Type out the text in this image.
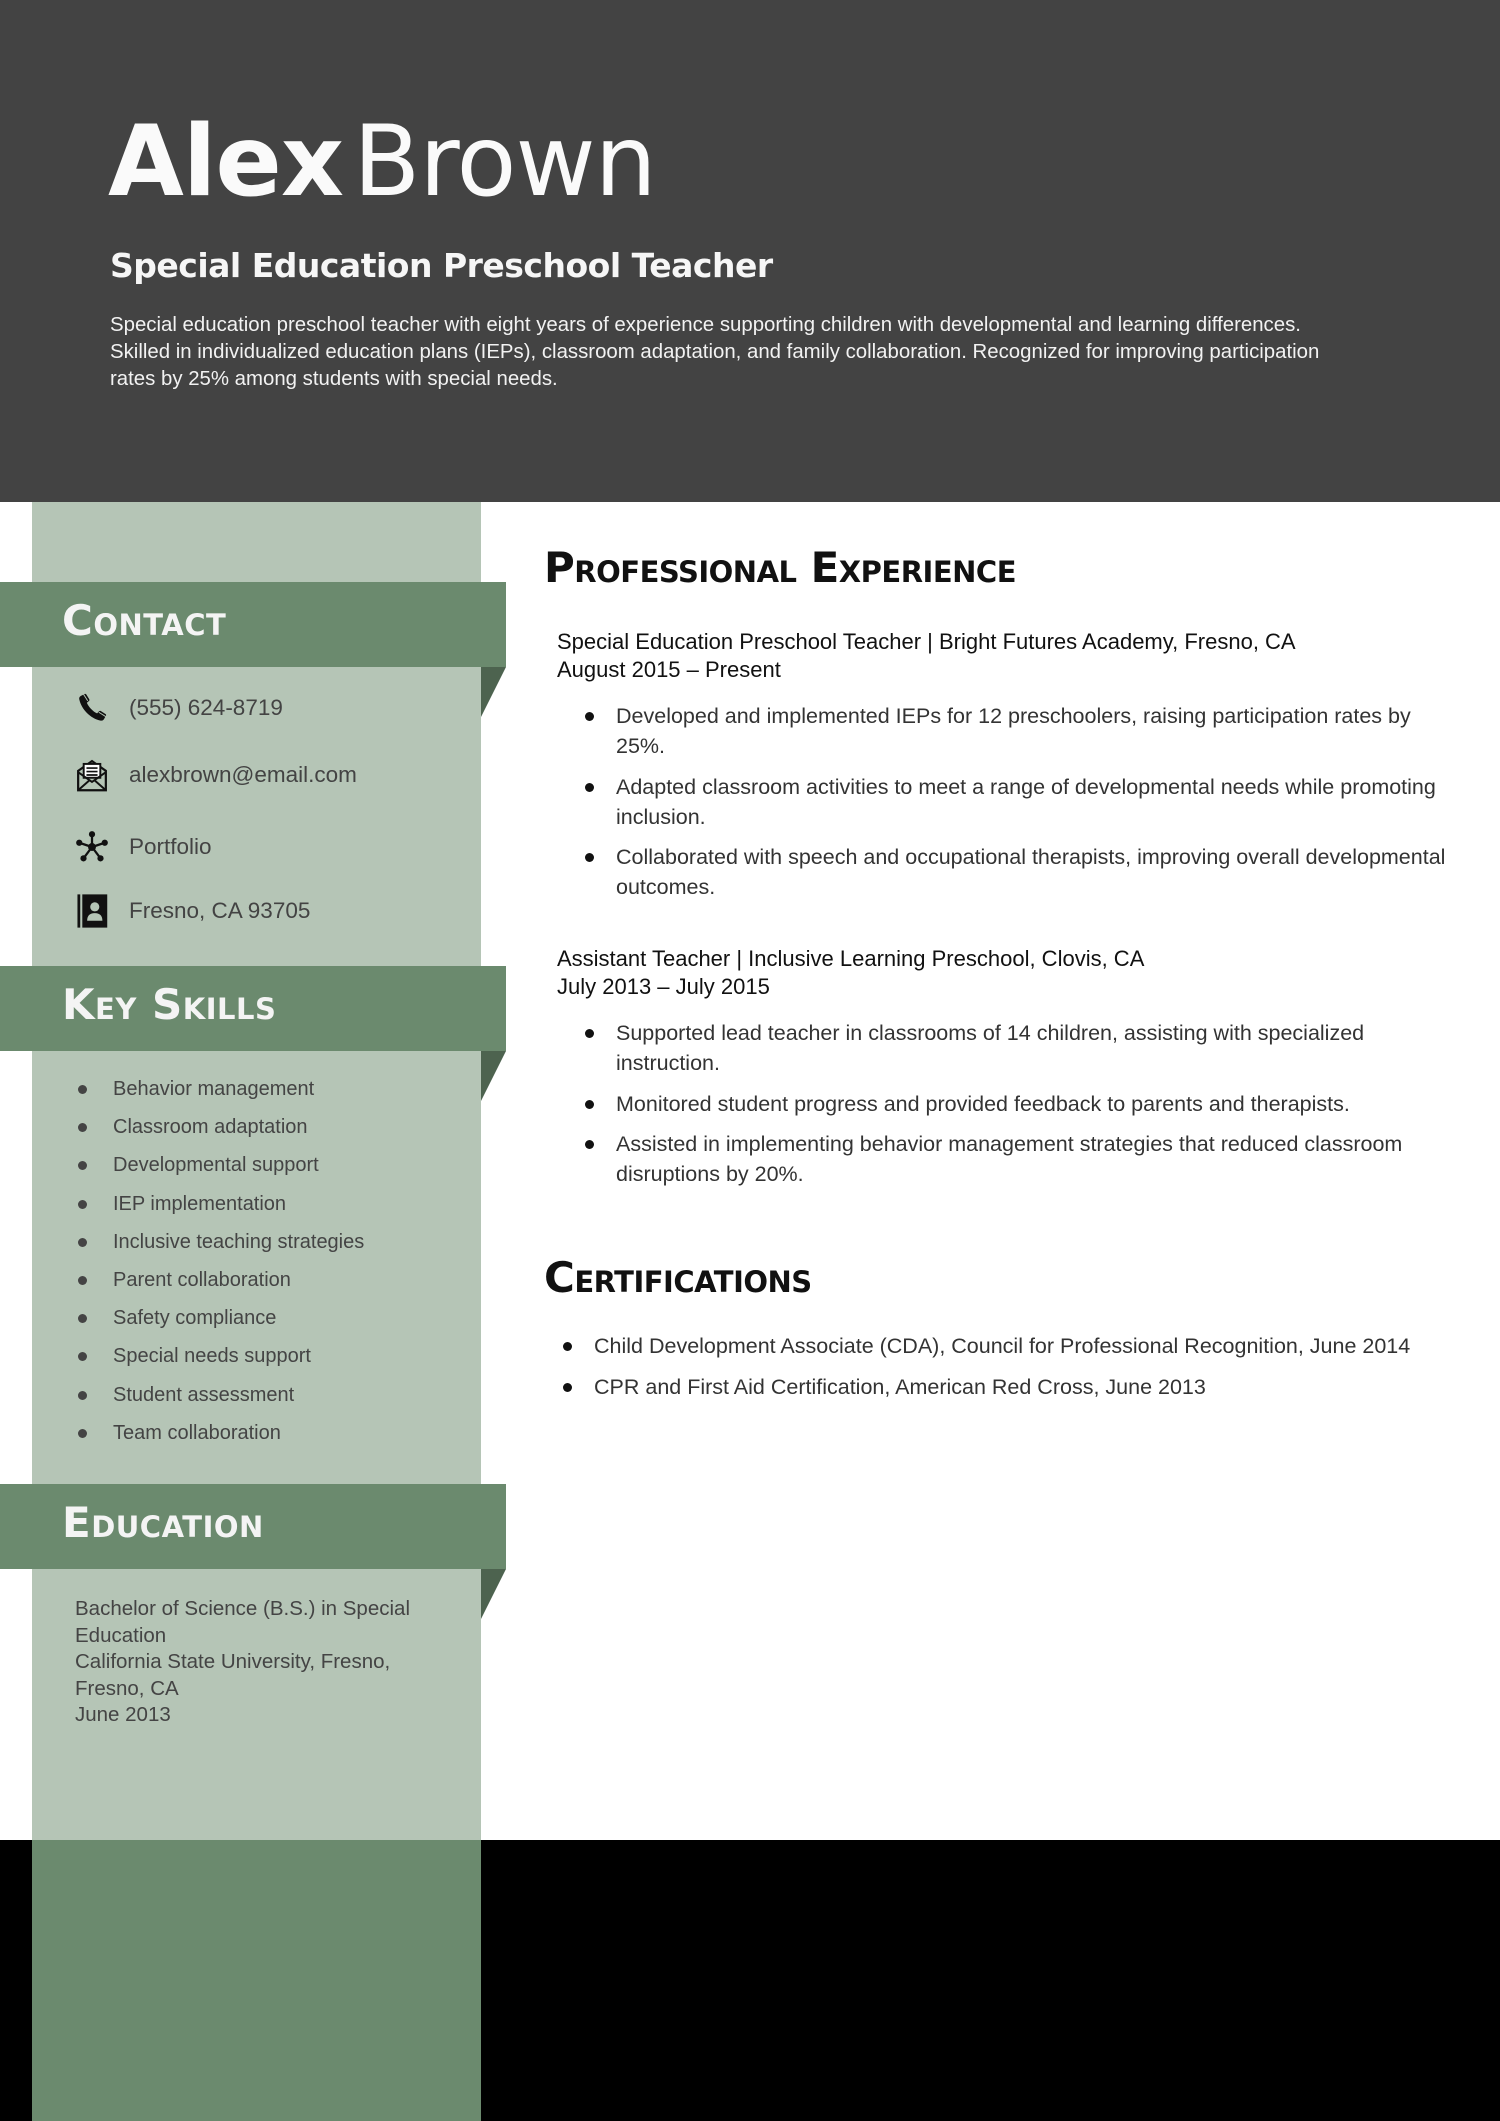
Alex Brown
Special Education Preschool Teacher
Special education preschool teacher with eight years of experience supporting children with developmental and learning differences. Skilled in individualized education plans (IEPs), classroom adaptation, and family collaboration. Recognized for improving participation rates by 25% among students with special needs.
Contact
(555) 624-8719
alexbrown@email.com
Portfolio
Fresno, CA 93705
Key Skills
Behavior management
Classroom adaptation
Developmental support
IEP implementation
Inclusive teaching strategies
Parent collaboration
Safety compliance
Special needs support
Student assessment
Team collaboration
Education
Bachelor of Science (B.S.) in Special Education
California State University, Fresno, Fresno, CA
June 2013
Professional Experience
Special Education Preschool Teacher | Bright Futures Academy, Fresno, CA
August 2015 – Present
Developed and implemented IEPs for 12 preschoolers, raising participation rates by 25%.
Adapted classroom activities to meet a range of developmental needs while promoting inclusion.
Collaborated with speech and occupational therapists, improving overall developmental outcomes.
Assistant Teacher | Inclusive Learning Preschool, Clovis, CA
July 2013 – July 2015
Supported lead teacher in classrooms of 14 children, assisting with specialized instruction.
Monitored student progress and provided feedback to parents and therapists.
Assisted in implementing behavior management strategies that reduced classroom disruptions by 20%.
Certifications
Child Development Associate (CDA), Council for Professional Recognition, June 2014
CPR and First Aid Certification, American Red Cross, June 2013
